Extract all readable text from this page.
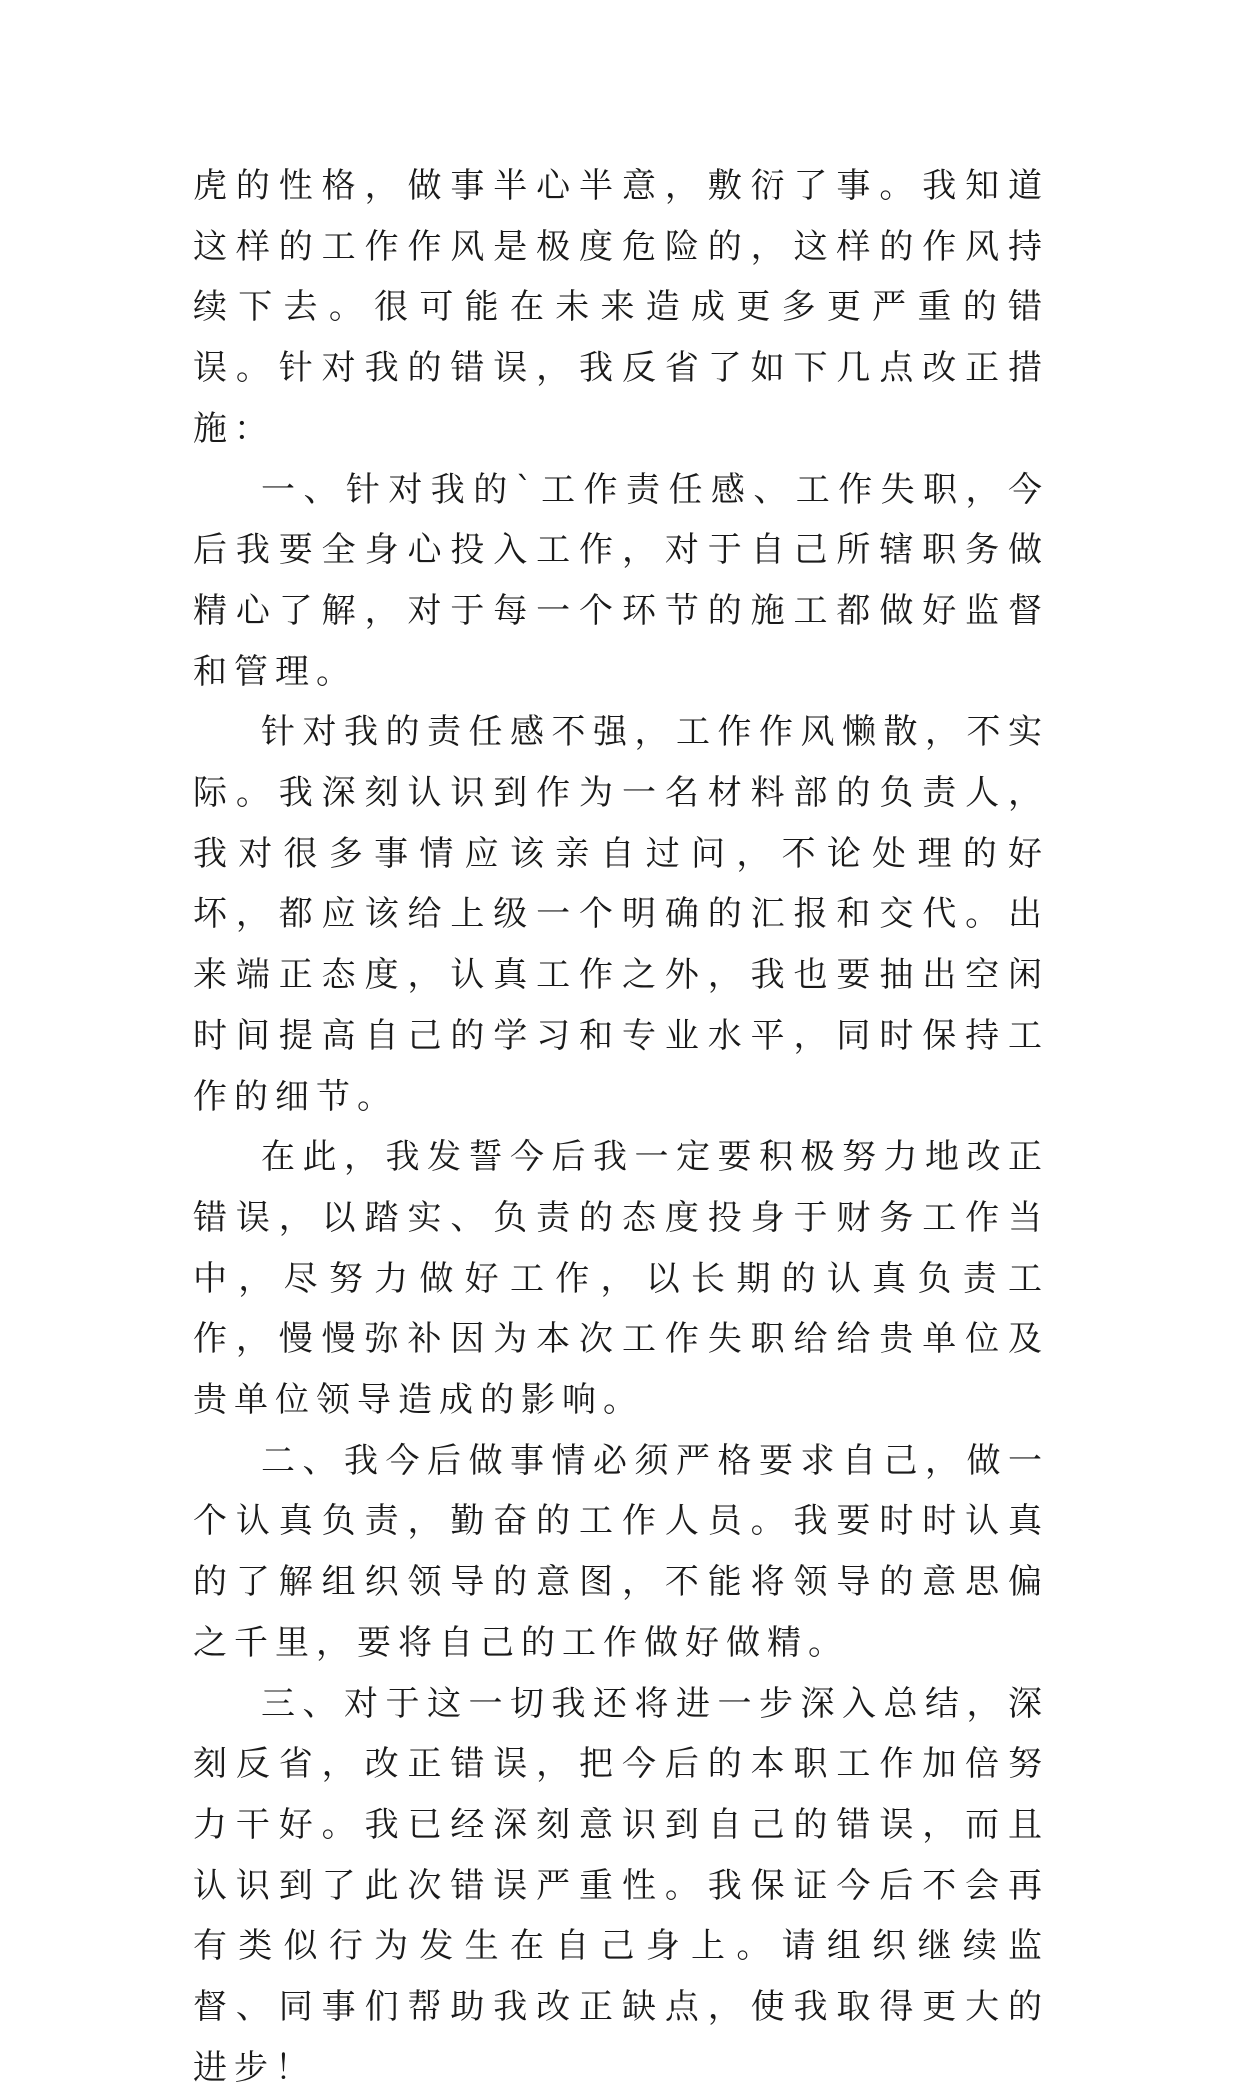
虎的性格，做事半心半意，敷衍了事。我知道这样的工作作风是极度危险的，这样的作风持续下去。很可能在未来造成更多更严重的错误。针对我的错误，我反省了如下几点改正措施：

一、针对我的`工作责任感、工作失职，今后我要全身心投入工作，对于自己所辖职务做精心了解，对于每一个环节的施工都做好监督和管理。

针对我的责任感不强，工作作风懒散，不实际。我深刻认识到作为一名材料部的负责人，我对很多事情应该亲自过问，不论处理的好坏，都应该给上级一个明确的汇报和交代。出来端正态度，认真工作之外，我也要抽出空闲时间提高自己的学习和专业水平，同时保持工作的细节。

在此，我发誓今后我一定要积极努力地改正错误，以踏实、负责的态度投身于财务工作当中，尽努力做好工作，以长期的认真负责工作，慢慢弥补因为本次工作失职给给贵单位及贵单位领导造成的影响。

二、我今后做事情必须严格要求自己，做一个认真负责，勤奋的工作人员。我要时时认真的了解组织领导的意图，不能将领导的意思偏之千里，要将自己的工作做好做精。

三、对于这一切我还将进一步深入总结，深刻反省，改正错误，把今后的本职工作加倍努力干好。我已经深刻意识到自己的错误，而且认识到了此次错误严重性。我保证今后不会再有类似行为发生在自己身上。请组织继续监督、同事们帮助我改正缺点，使我取得更大的进步！
